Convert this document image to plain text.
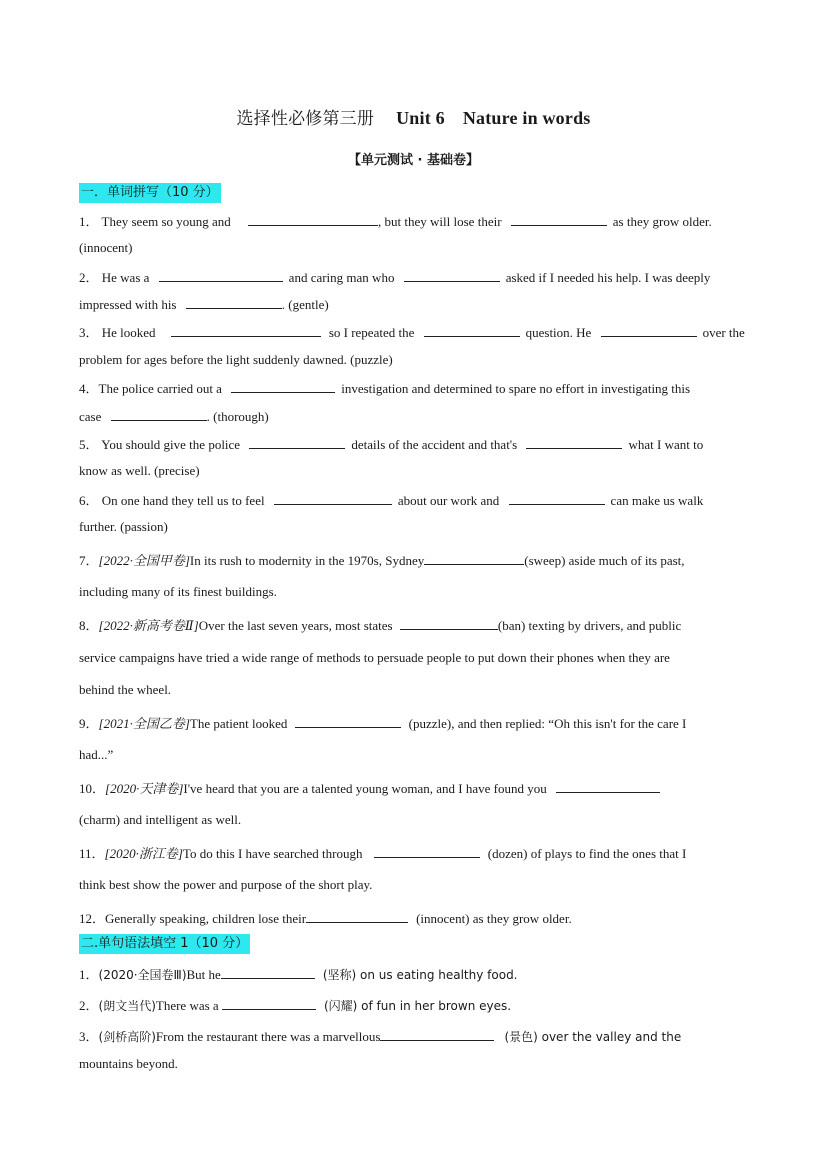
选择性必修第三册 Unit 6 Nature in words
【单元测试 · 基础卷】
一．单词拼写（10 分）
1． They seem so young and	, but they will lose their	as they grow older.
(innocent)
2． He was a	and caring man who	asked if I needed his help. I was deeply
impressed with his	. (gentle)
3． He looked	so I repeated the	question. He	over the
problem for ages before the light suddenly dawned. (puzzle)
4．The police carried out a	investigation and determined to spare no effort in investigating this
case	. (thorough)
5． You should give the police	details of the accident and that's	what I want to
know as well. (precise)
6． On one hand they tell us to feel	about our work and	can make us walk
further. (passion)
7．[2022·全国甲卷]In its rush to modernity in the 1970s, Sydney	(sweep) aside much of its past,
including many of its finest buildings.
8．[2022·新高考卷Ⅱ]Over the last seven years, most states	(ban) texting by drivers, and public
service campaigns have tried a wide range of methods to persuade people to put down their phones when they are
behind the wheel.
9．[2021·全国乙卷]The patient looked	(puzzle), and then replied: “Oh this isn't for the care I
had...”
10．[2020·天津卷]I've heard that you are a talented young woman, and I have found you
(charm) and intelligent as well.
11．[2020·浙江卷]To do this I have searched through	(dozen) of plays to find the ones that I
think best show the power and purpose of the short play.
12．Generally speaking, children lose their	(innocent) as they grow older.
二.单句语法填空 1（10 分）
1．(2020·全国卷Ⅲ)But he	(坚称) on us eating healthy food.
2．(朗文当代)There was a	(闪耀) of fun in her brown eyes.
3．(剑桥高阶)From the restaurant there was a marvellous	(景色) over the valley and the
mountains beyond.
